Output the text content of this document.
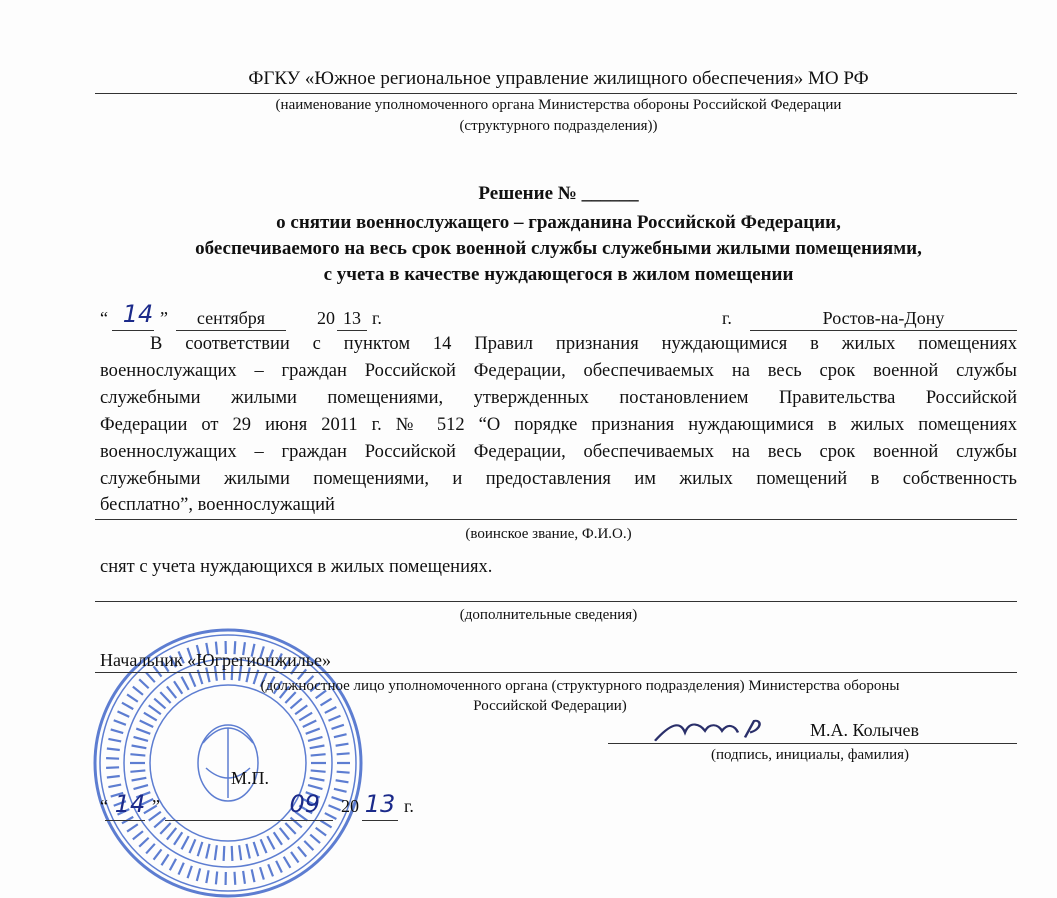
ФГКУ «Южное региональное управление жилищного обеспечения» МО РФ
(наименование уполномоченного органа Министерства обороны Российской Федерации
(структурного подразделения))
Решение № ______
о снятии военнослужащего – гражданина Российской Федерации,
обеспечиваемого на весь срок военной службы служебными жилыми помещениями,
с учета в качестве нуждающегося в жилом помещении
“ 14 ”	сентября	20 13 г.	г.	Ростов-на-Дону
В соответствии с пунктом 14 Правил признания нуждающимися в жилых помещениях
военнослужащих – граждан Российской Федерации, обеспечиваемых на весь срок военной службы
служебными жилыми помещениями, утвержденных постановлением Правительства Российской
Федерации от 29 июня 2011 г. № 512 “О порядке признания нуждающимися в жилых помещениях
военнослужащих – граждан Российской Федерации, обеспечиваемых на весь срок военной службы
служебными жилыми помещениями, и предоставления им жилых помещений в собственность
бесплатно”, военнослужащий
(воинское звание, Ф.И.О.)
снят с учета нуждающихся в жилых помещениях.
(дополнительные сведения)
Начальник «Югрегионжилье»
(должностное лицо уполномоченного органа (структурного подразделения) Министерства обороны
Российской Федерации)
М.А. Колычев
(подпись, инициалы, фамилия)
М.П.
“ 14 ”	09	20 13 г.
